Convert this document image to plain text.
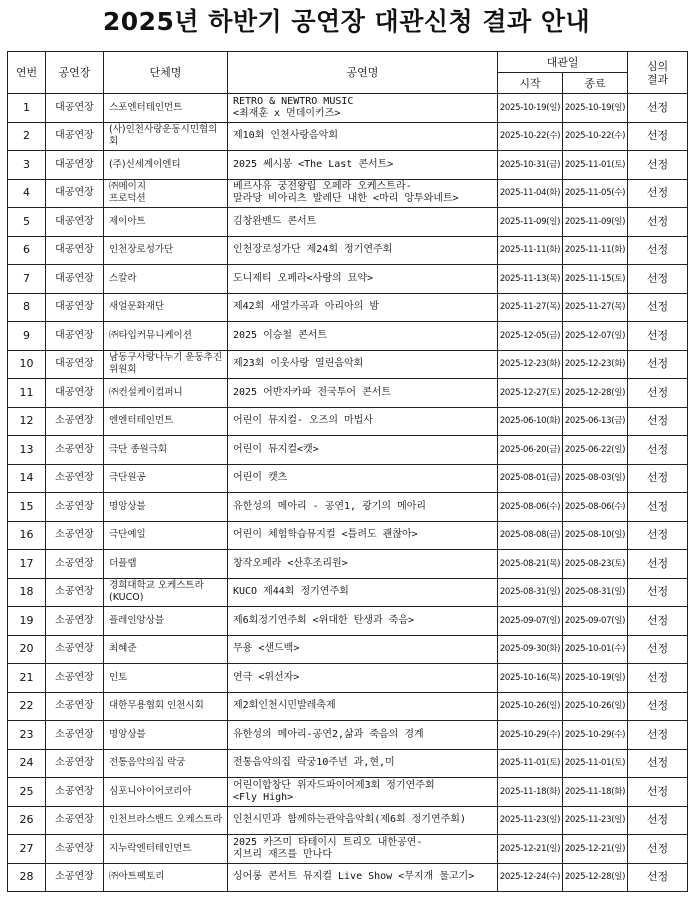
2025년 하반기 공연장 대관신청 결과 안내
연번	공연장	단체명	공연명	대관일		심의
결과

				시작	종료	

1	대공연장	스포엔터테인먼트	RETRO & NEWTRO MUSIC
<최재훈 x 먼데이키즈>	2025-10-19(일)	2025-10-19(일)	선정

2	대공연장	(사)인천사랑운동시민협의회	제10회 인천사랑음악회	2025-10-22(수)	2025-10-22(수)	선정

3	대공연장	(주)신세계이엔티	2025 쎄시봉 <The Last 콘서트>	2025-10-31(금)	2025-11-01(토)	선정

4	대공연장	㈜메이지
프로덕션	베르사유 궁전왕립 오페라 오케스트라-
말라당 비아리츠 발레단 내한 <마리 앙투와네트>	2025-11-04(화)	2025-11-05(수)	선정

5	대공연장	제이아트	김창완밴드 콘서트	2025-11-09(일)	2025-11-09(일)	선정

6	대공연장	인천장로성가단	인천장로성가단 제24회 정기연주회	2025-11-11(화)	2025-11-11(화)	선정

7	대공연장	스칼라	도니제티 오페라<사랑의 묘약>	2025-11-13(목)	2025-11-15(토)	선정

8	대공연장	새얼문화재단	제42회 새얼가곡과 아리아의 밤	2025-11-27(목)	2025-11-27(목)	선정

9	대공연장	㈜타입커뮤니케이션	2025 이승철 콘서트	2025-12-05(금)	2025-12-07(일)	선정

10	대공연장	남동구사랑나누기 운동추진
위원회	제23회 이웃사랑 열린음악회	2025-12-23(화)	2025-12-23(화)	선정

11	대공연장	㈜컨설케이컴퍼니	2025 어반자카파 전국투어 콘서트	2025-12-27(토)	2025-12-28(일)	선정

12	소공연장	엔엔터테인먼트	어린이 뮤지컬- 오즈의 마법사	2025-06-10(화)	2025-06-13(금)	선정

13	소공연장	극단 종원극회	어린이 뮤지컬<캣>	2025-06-20(금)	2025-06-22(일)	선정

14	소공연장	극단원공	어린이 캣츠	2025-08-01(금)	2025-08-03(일)	선정

15	소공연장	명앙상블	유한성의 메아리 - 공연1, 광기의 메아리	2025-08-06(수)	2025-08-06(수)	선정

16	소공연장	극단예일	어린이 체험학습뮤지컬 <틀려도 괜찮아>	2025-08-08(금)	2025-08-10(일)	선정

17	소공연장	더플랩	창작오페라 <산후조리원>	2025-08-21(목)	2025-08-23(토)	선정

18	소공연장	경희대학교 오케스트라
(KUCO)	KUCO 제44회 정기연주회	2025-08-31(일)	2025-08-31(일)	선정

19	소공연장	플레인앙상블	제6회정기연주회 <위대한 탄생과 죽음>	2025-09-07(일)	2025-09-07(일)	선정

20	소공연장	최혜준	무용 <샌드백>	2025-09-30(화)	2025-10-01(수)	선정

21	소공연장	인토	연극 <위선자>	2025-10-16(목)	2025-10-19(일)	선정

22	소공연장	대한무용협회 인천시회	제2회인천시민발레축제	2025-10-26(일)	2025-10-26(일)	선정

23	소공연장	명앙상블	유한성의 메아리-공연2,삶과 죽음의 경계	2025-10-29(수)	2025-10-29(수)	선정

24	소공연장	전통음악의집 락궁	전통음악의집 락궁10주년 과,현,미	2025-11-01(토)	2025-11-01(토)	선정

25	소공연장	심포니아이어코리아	어린이합창단 위자드파이어제3회 정기연주회
<Fly High>	2025-11-18(화)	2025-11-18(화)	선정

26	소공연장	인천브라스밴드 오케스트라	인천시민과 함께하는관악음악회(제6회 정기연주회)	2025-11-23(일)	2025-11-23(일)	선정

27	소공연장	지누락엔터테인먼트	2025 카즈미 타테이시 트리오 내한공연-
지브리 재즈를 만나다	2025-12-21(일)	2025-12-21(일)	선정

28	소공연장	㈜아트팩토리	싱어롱 콘서트 뮤지컬 Live Show <무지개 물고기>	2025-12-24(수)	2025-12-28(일)	선정
